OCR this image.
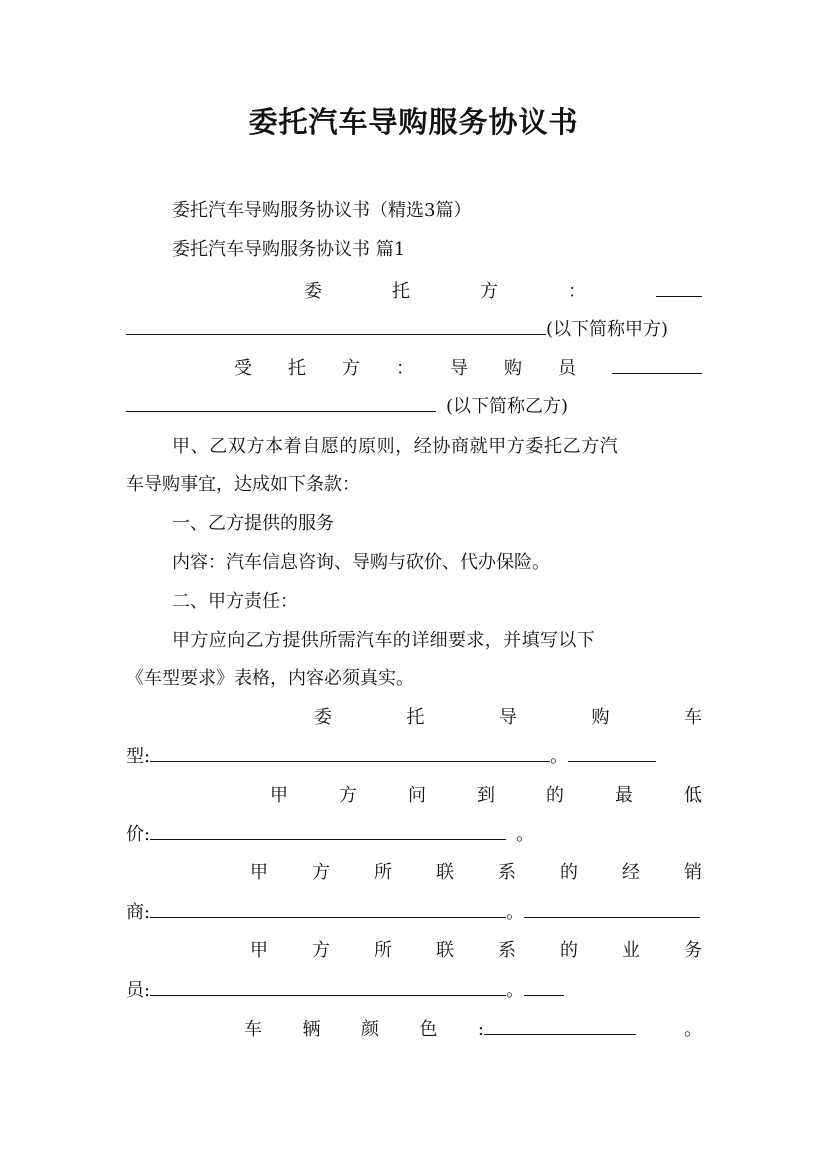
委托汽车导购服务协议书
委托汽车导购服务协议书（精选3篇）
委托汽车导购服务协议书 篇1
委	托	方	：
(以下简称甲方)
受 托 方 ： 导 购 员
(以下简称乙方)
甲、乙双方本着自愿的原则，经协商就甲方委托乙方汽
车导购事宜，达成如下条款：
一、乙方提供的服务
内容：汽车信息咨询、导购与砍价、代办保险。
二、甲方责任：
甲方应向乙方提供所需汽车的详细要求，并填写以下
《车型要求》表格，内容必须真实。
委	托	导	购	车
型:	。
甲	方	问	到	的	最	低
价:	。
甲 方 所 联 系 的 经 销
商:	。
甲 方 所 联 系 的 业 务
员:	。
车 辆 颜 色 :	。
